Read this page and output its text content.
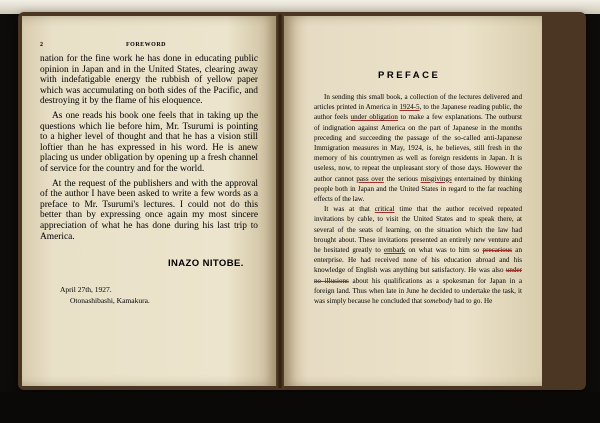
2	FOREWORD

nation for the fine work he has done in educating public opinion in Japan and in the United States, clearing away with indefatigable energy the rubbish of yellow paper which was accumulating on both sides of the Pacific, and destroying it by the flame of his eloquence.

As one reads his book one feels that in taking up the questions which lie before him, Mr. Tsurumi is pointing to a higher level of thought and that he has a vision still loftier than he has expressed in his word. He is anew placing us under obligation by opening up a fresh channel of service for the country and for the world.

At the request of the publishers and with the approval of the author I have been asked to write a few words as a preface to Mr. Tsurumi's lectures. I could not do this better than by expressing once again my most sincere appreciation of what he has done during his last trip to America.

INAZO NITOBE.
April 27th, 1927.
Otonashibashi, Kamakura.
PREFACE

In sending this small book, a collection of the lectures delivered and articles printed in America in 1924-5, to the Japanese reading public, the author feels under obligation to make a few explanations. The outburst of indignation against America on the part of Japanese in the months preceding and succeeding the passage of the so-called anti-Japanese Immigration measures in May, 1924, is, he believes, still fresh in the memory of his countrymen as well as foreign residents in Japan. It is useless, now, to repeat the unpleasant story of those days. However the author cannot pass over the serious misgivings entertained by thinking people both in Japan and the United States in regard to the far reaching effects of the law.

It was at that critical time that the author received repeated invitations by cable, to visit the United States and to speak there, at several of the seats of learning, on the situation which the law had brought about. These invitations presented an entirely new venture and he hesitated greatly to embark on what was to him so precarious an enterprise. He had received none of his education abroad and his knowledge of English was anything but satisfactory. He was also under no illusions about his qualifications as a spokesman for Japan in a foreign land. Thus when late in June he decided to undertake the task, it was simply because he concluded that somebody had to go. He
